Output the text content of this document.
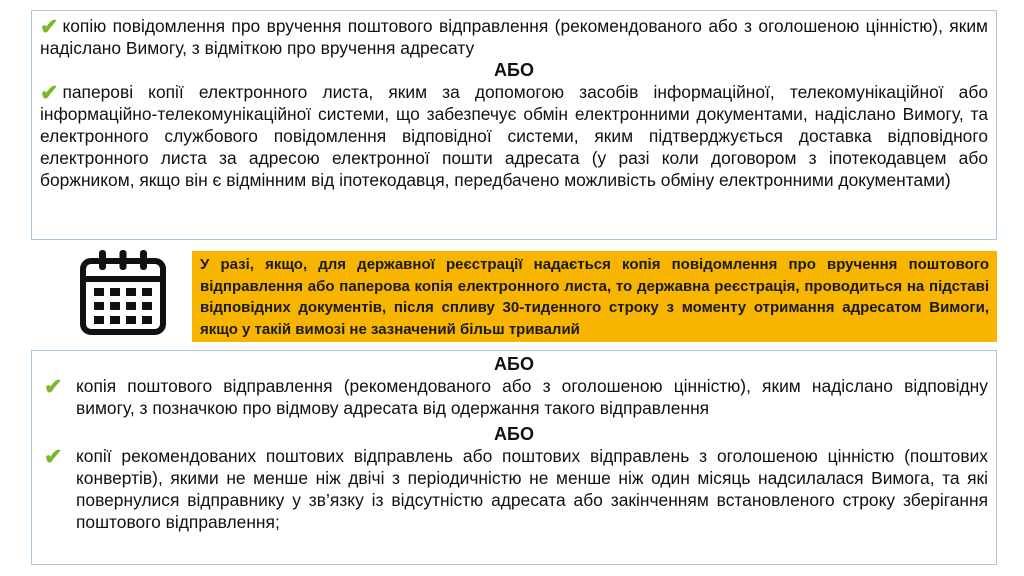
✔ копію повідомлення про вручення поштового відправлення (рекомендованого або з оголошеною цінністю), яким надіслано Вимогу, з відміткою про вручення адресату

АБО

✔ паперові копії електронного листа, яким за допомогою засобів інформаційної, телекомунікаційної або інформаційно-телекомунікаційної системи, що забезпечує обмін електронними документами, надіслано Вимогу, та електронного службового повідомлення відповідної системи, яким підтверджується доставка відповідного електронного листа за адресою електронної пошти адресата (у разі коли договором з іпотекодавцем або боржником, якщо він є відмінним від іпотекодавця, передбачено можливість обміну електронними документами)

У разі, якщо, для державної реєстрації надається копія повідомлення про вручення поштового відправлення або паперова копія електронного листа, то державна реєстрація, проводиться на підставі відповідних документів, після спливу 30-тиденного строку з моменту отримання адресатом Вимоги, якщо у такій вимозі не зазначений більш тривалий

АБО

✔ копія поштового відправлення (рекомендованого або з оголошеною цінністю), яким надіслано відповідну вимогу, з позначкою про відмову адресата від одержання такого відправлення

АБО

✔ копії рекомендованих поштових відправлень або поштових відправлень з оголошеною цінністю (поштових конвертів), якими не менше ніж двічі з періодичністю не менше ніж один місяць надсилалася Вимога, та які повернулися відправнику у зв’язку із відсутністю адресата або закінченням встановленого строку зберігання поштового відправлення;
